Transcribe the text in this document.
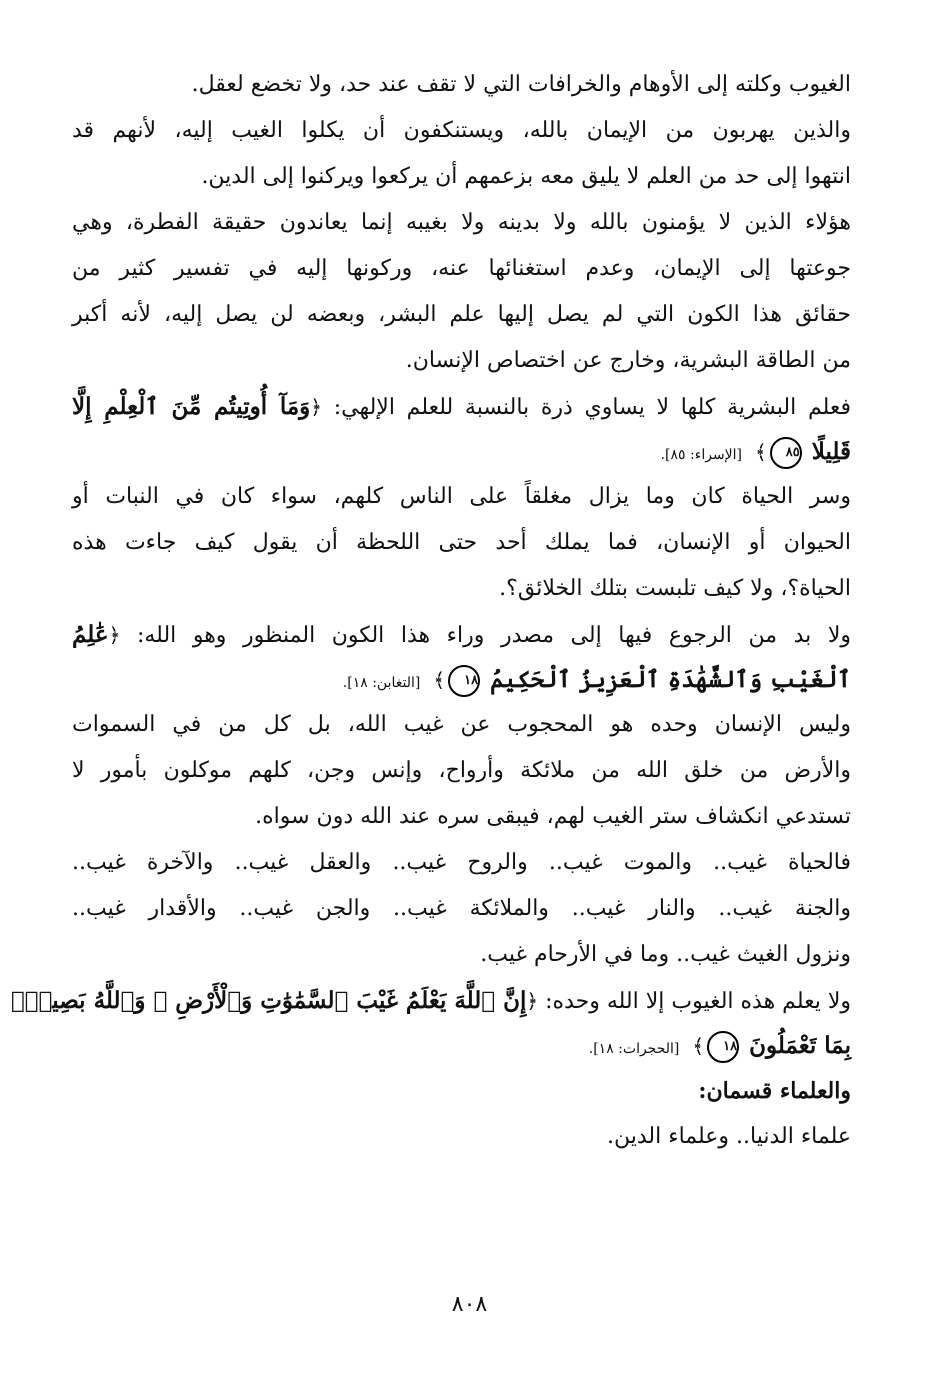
الغيوب وكلته إلى الأوهام والخرافات التي لا تقف عند حد، ولا تخضع لعقل.
والذين يهربون من الإيمان بالله، ويستنكفون أن يكلوا الغيب إليه، لأنهم قد
انتهوا إلى حد من العلم لا يليق معه بزعمهم أن يركعوا ويركنوا إلى الدين.
هؤلاء الذين لا يؤمنون بالله ولا بدينه ولا بغيبه إنما يعاندون حقيقة الفطرة، وهي
جوعتها إلى الإيمان، وعدم استغنائها عنه، وركونها إليه في تفسير كثير من
حقائق هذا الكون التي لم يصل إليها علم البشر، وبعضه لن يصل إليه، لأنه أكبر
من الطاقة البشرية، وخارج عن اختصاص الإنسان.
فعلم البشرية كلها لا يساوي ذرة بالنسبة للعلم الإلهي: ﴿وَمَآ أُوتِيتُم مِّنَ ٱلْعِلْمِ إِلَّا
قَلِيلًا ٨٥﴾ [الإسراء: ٨٥].
وسر الحياة كان وما يزال مغلقاً على الناس كلهم، سواء كان في النبات أو
الحيوان أو الإنسان، فما يملك أحد حتى اللحظة أن يقول كيف جاءت هذه
الحياة؟، ولا كيف تلبست بتلك الخلائق؟.
ولا بد من الرجوع فيها إلى مصدر وراء هذا الكون المنظور وهو الله: ﴿عَٰلِمُ
ٱلْغَيْبِ وَٱلشَّهَٰدَةِ ٱلْعَزِيزُ ٱلْحَكِيمُ ١٨﴾ [التغابن: ١٨].
وليس الإنسان وحده هو المحجوب عن غيب الله، بل كل من في السموات
والأرض من خلق الله من ملائكة وأرواح، وإنس وجن، كلهم موكلون بأمور لا
تستدعي انكشاف ستر الغيب لهم، فيبقى سره عند الله دون سواه.
فالحياة غيب.. والموت غيب.. والروح غيب.. والعقل غيب.. والآخرة غيب..
والجنة غيب.. والنار غيب.. والملائكة غيب.. والجن غيب.. والأقدار غيب..
ونزول الغيث غيب.. وما في الأرحام غيب.
ولا يعلم هذه الغيوب إلا الله وحده: ﴿إِنَّ ٱللَّهَ يَعْلَمُ غَيْبَ ٱلسَّمَٰوَٰتِ وَٱلْأَرْضِ ۚ وَٱللَّهُ بَصِيرٌۢ
بِمَا تَعْمَلُونَ ١٨﴾ [الحجرات: ١٨].
والعلماء قسمان:
علماء الدنيا.. وعلماء الدين.
٨٠٨
